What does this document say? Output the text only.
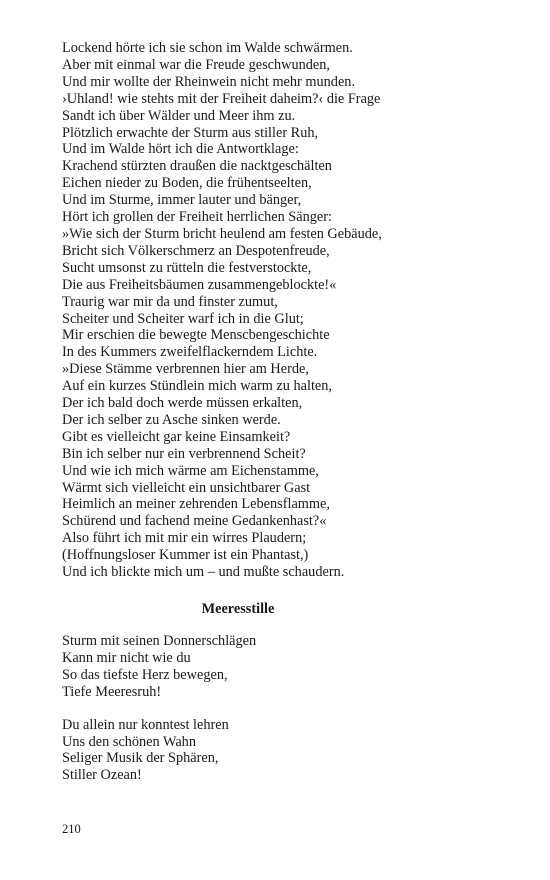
Lockend hörte ich sie schon im Walde schwärmen.
Aber mit einmal war die Freude geschwunden,
Und mir wollte der Rheinwein nicht mehr munden.
›Uhland! wie stehts mit der Freiheit daheim?‹ die Frage
Sandt ich über Wälder und Meer ihm zu.
Plötzlich erwachte der Sturm aus stiller Ruh,
Und im Walde hört ich die Antwortklage:
Krachend stürzten draußen die nacktgeschälten
Eichen nieder zu Boden, die frühentseelten,
Und im Sturme, immer lauter und bänger,
Hört ich grollen der Freiheit herrlichen Sänger:
»Wie sich der Sturm bricht heulend am festen Gebäude,
Bricht sich Völkerschmerz an Despotenfreude,
Sucht umsonst zu rütteln die festverstockte,
Die aus Freiheitsbäumen zusammengeblockte!«
Traurig war mir da und finster zumut,
Scheiter und Scheiter warf ich in die Glut;
Mir erschien die bewegte Menscbengeschichte
In des Kummers zweifelflackerndem Lichte.
»Diese Stämme verbrennen hier am Herde,
Auf ein kurzes Stündlein mich warm zu halten,
Der ich bald doch werde müssen erkalten,
Der ich selber zu Asche sinken werde.
Gibt es vielleicht gar keine Einsamkeit?
Bin ich selber nur ein verbrennend Scheit?
Und wie ich mich wärme am Eichenstamme,
Wärmt sich vielleicht ein unsichtbarer Gast
Heimlich an meiner zehrenden Lebensflamme,
Schürend und fachend meine Gedankenhast?«
Also führt ich mit mir ein wirres Plaudern;
(Hoffnungsloser Kummer ist ein Phantast,)
Und ich blickte mich um – und mußte schaudern.
Meeresstille
Sturm mit seinen Donnerschlägen
Kann mir nicht wie du
So das tiefste Herz bewegen,
Tiefe Meeresruh!
Du allein nur konntest lehren
Uns den schönen Wahn
Seliger Musik der Sphären,
Stiller Ozean!
210
